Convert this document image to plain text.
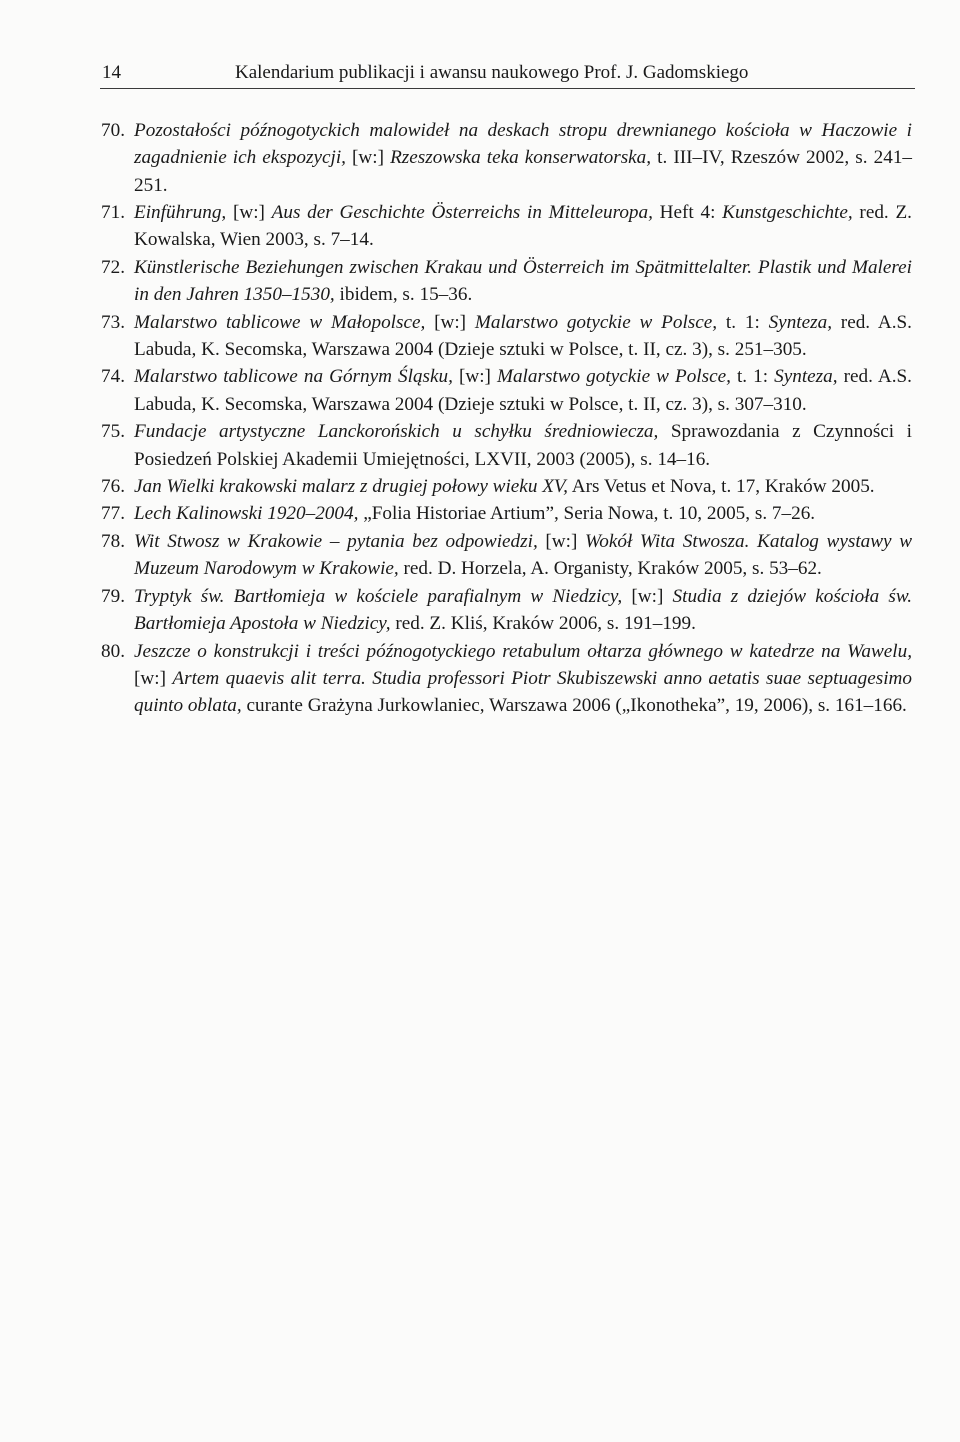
14	Kalendarium publikacji i awansu naukowego Prof. J. Gadomskiego
70. Pozostałości późnogotyckich malowideł na deskach stropu drewnianego kościoła w Haczowie i zagadnienie ich ekspozycji, [w:] Rzeszowska teka konserwatorska, t. III–IV, Rzeszów 2002, s. 241–251.
71. Einführung, [w:] Aus der Geschichte Österreichs in Mitteleuropa, Heft 4: Kunstgeschichte, red. Z. Kowalska, Wien 2003, s. 7–14.
72. Künstlerische Beziehungen zwischen Krakau und Österreich im Spätmittelalter. Plastik und Malerei in den Jahren 1350–1530, ibidem, s. 15–36.
73. Malarstwo tablicowe w Małopolsce, [w:] Malarstwo gotyckie w Polsce, t. 1: Synteza, red. A.S. Labuda, K. Secomska, Warszawa 2004 (Dzieje sztuki w Polsce, t. II, cz. 3), s. 251–305.
74. Malarstwo tablicowe na Górnym Śląsku, [w:] Malarstwo gotyckie w Polsce, t. 1: Synteza, red. A.S. Labuda, K. Secomska, Warszawa 2004 (Dzieje sztuki w Polsce, t. II, cz. 3), s. 307–310.
75. Fundacje artystyczne Lanckorońskich u schyłku średniowiecza, Sprawozdania z Czynności i Posiedzeń Polskiej Akademii Umiejętności, LXVII, 2003 (2005), s. 14–16.
76. Jan Wielki krakowski malarz z drugiej połowy wieku XV, Ars Vetus et Nova, t. 17, Kraków 2005.
77. Lech Kalinowski 1920–2004, „Folia Historiae Artium”, Seria Nowa, t. 10, 2005, s. 7–26.
78. Wit Stwosz w Krakowie – pytania bez odpowiedzi, [w:] Wokół Wita Stwosza. Katalog wystawy w Muzeum Narodowym w Krakowie, red. D. Horzela, A. Organisty, Kraków 2005, s. 53–62.
79. Tryptyk św. Bartłomieja w kościele parafialnym w Niedzicy, [w:] Studia z dziejów kościoła św. Bartłomieja Apostoła w Niedzicy, red. Z. Kliś, Kraków 2006, s. 191–199.
80. Jeszcze o konstrukcji i treści późnogotyckiego retabulum ołtarza głównego w katedrze na Wawelu, [w:] Artem quaevis alit terra. Studia professori Piotr Skubiszewski anno aetatis suae septuagesimo quinto oblata, curante Grażyna Jurkowlaniec, Warszawa 2006 („Ikonotheka”, 19, 2006), s. 161–166.
